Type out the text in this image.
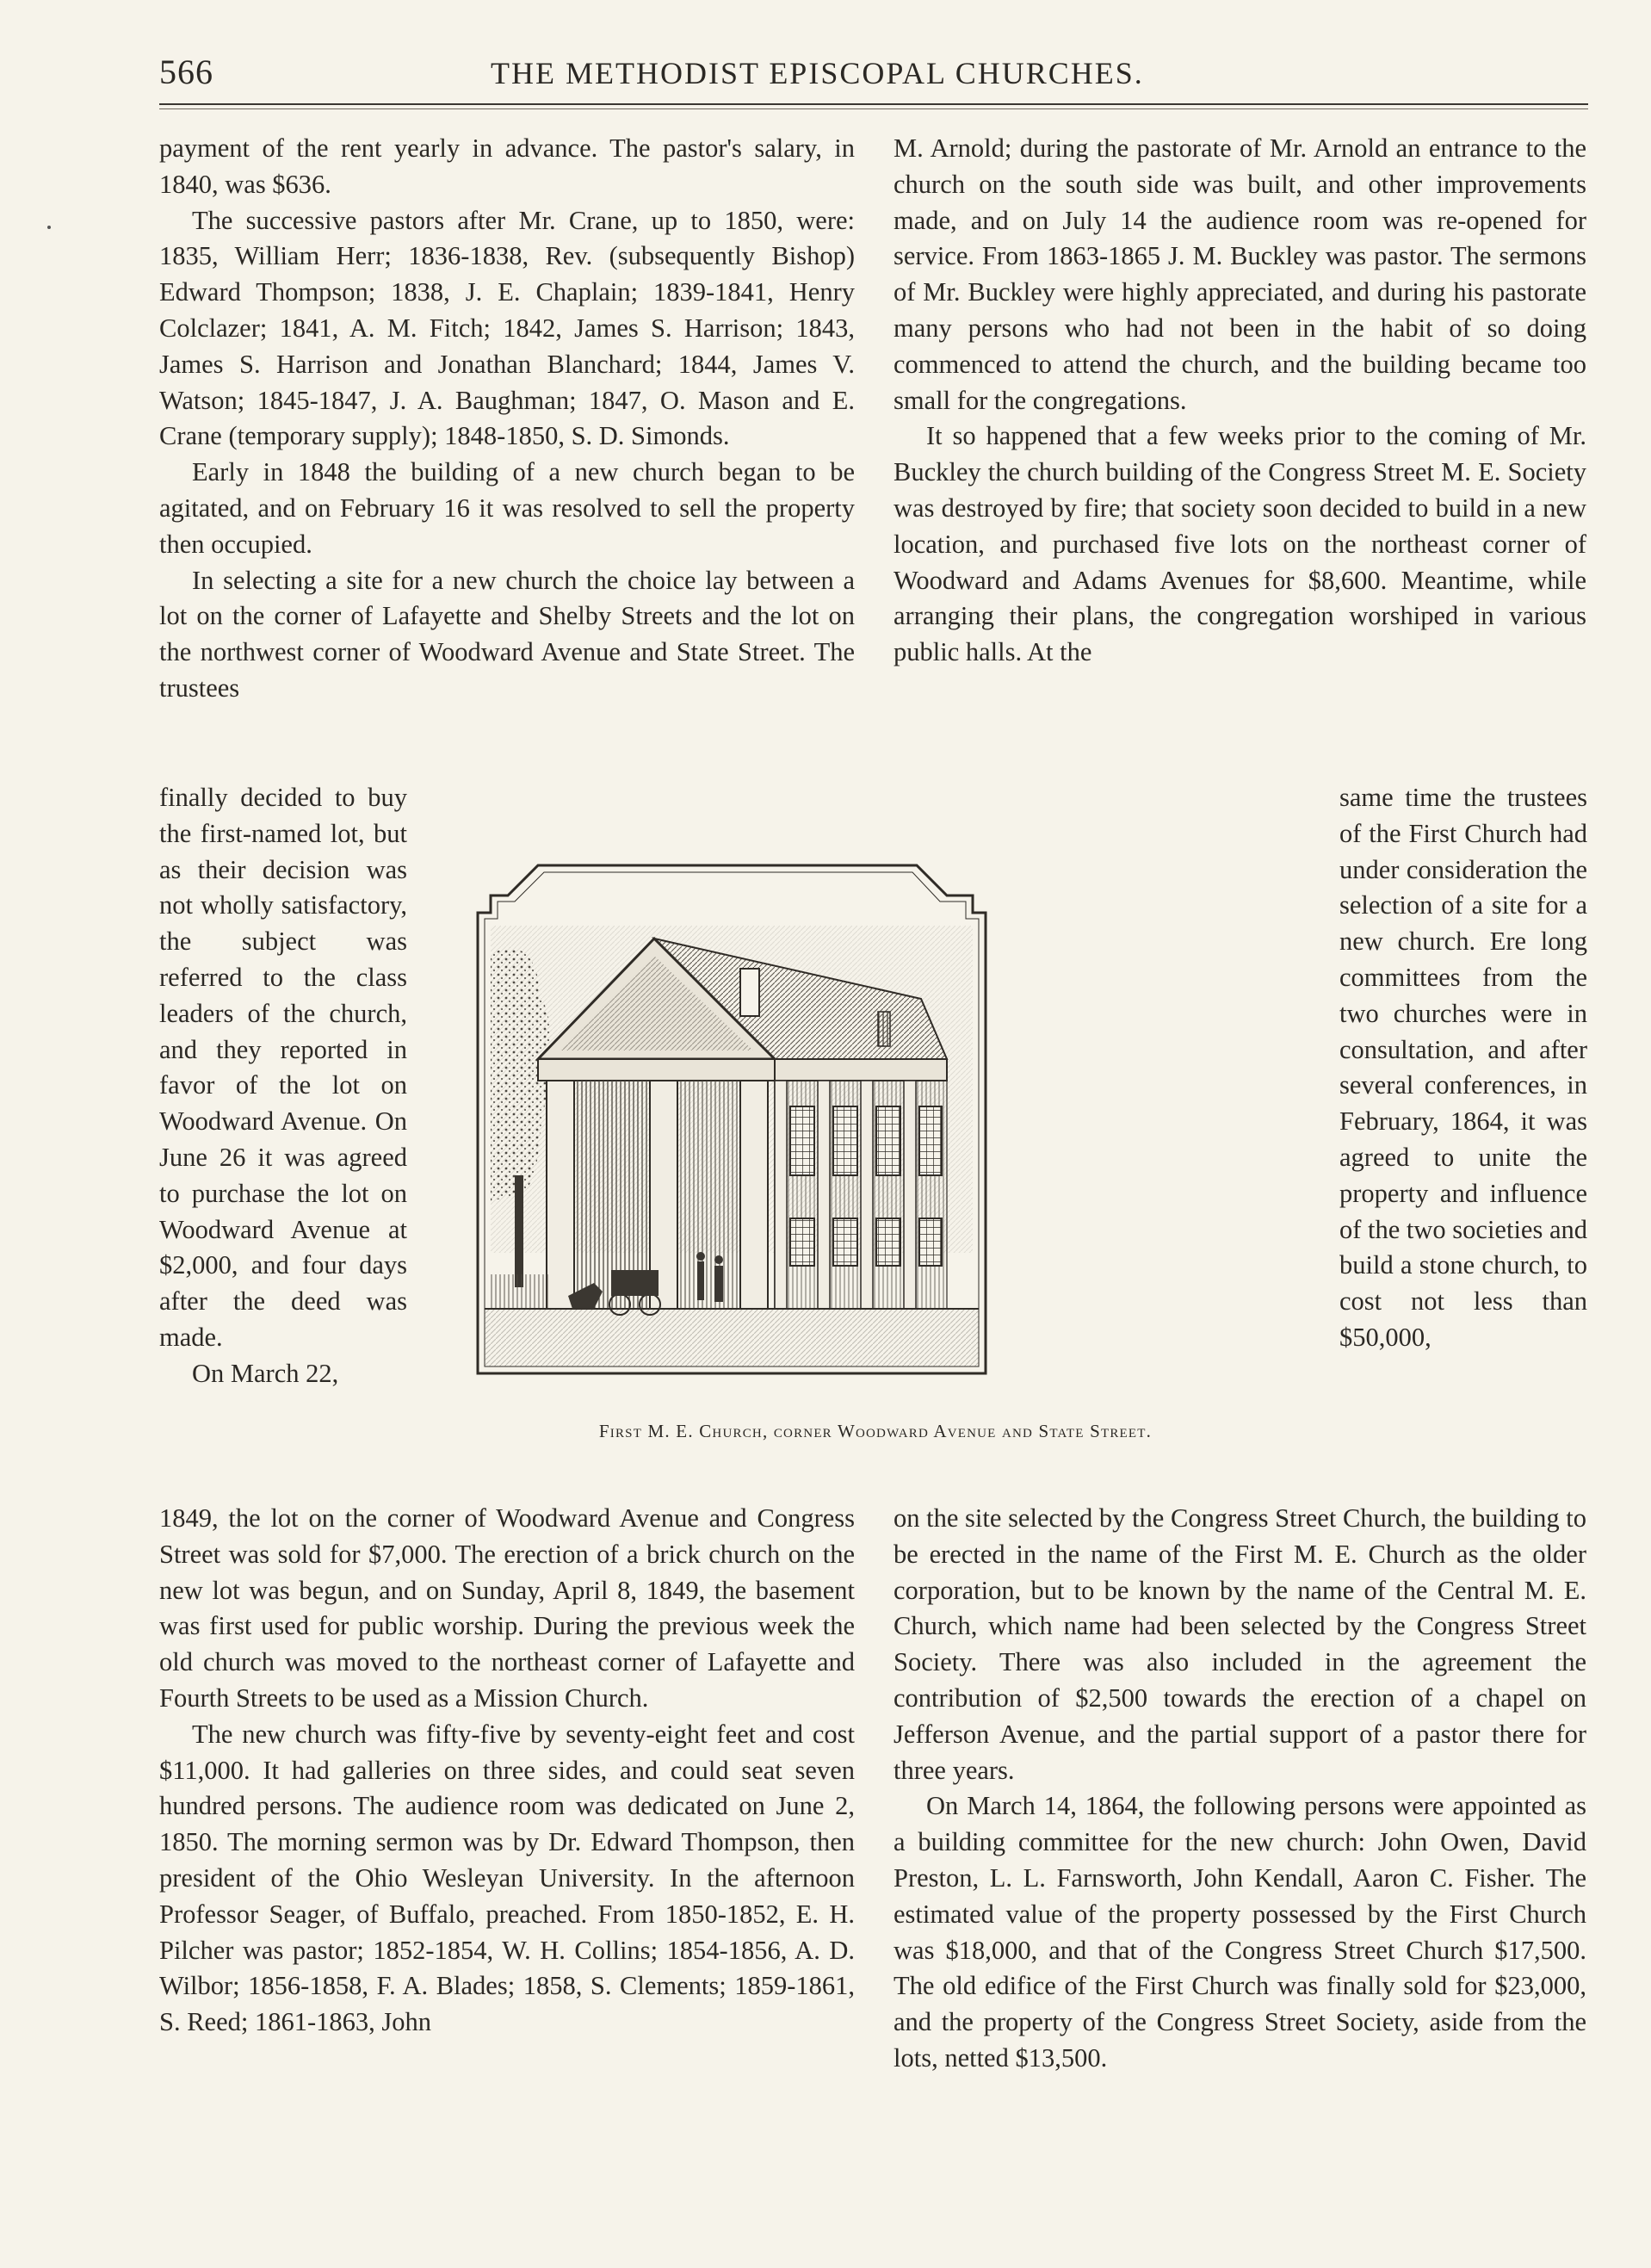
566	THE METHODIST EPISCOPAL CHURCHES.

payment of the rent yearly in advance. The pastor's salary, in 1840, was $636.

The successive pastors after Mr. Crane, up to 1850, were: 1835, William Herr; 1836-1838, Rev. (subsequently Bishop) Edward Thompson; 1838, J. E. Chaplain; 1839-1841, Henry Colclazer; 1841, A. M. Fitch; 1842, James S. Harrison; 1843, James S. Harrison and Jonathan Blanchard; 1844, James V. Watson; 1845-1847, J. A. Baughman; 1847, O. Mason and E. Crane (temporary supply); 1848-1850, S. D. Simonds.

Early in 1848 the building of a new church began to be agitated, and on February 16 it was resolved to sell the property then occupied.

In selecting a site for a new church the choice lay between a lot on the corner of Lafayette and Shelby Streets and the lot on the northwest corner of Woodward Avenue and State Street. The trustees

finally decided to buy the first-named lot, but as their decision was not wholly satisfactory, the subject was referred to the class leaders of the church, and they reported in favor of the lot on Woodward Avenue. On June 26 it was agreed to purchase the lot on Woodward Avenue at $2,000, and four days after the deed was made.

On March 22,

1849, the lot on the corner of Woodward Avenue and Congress Street was sold for $7,000. The erection of a brick church on the new lot was begun, and on Sunday, April 8, 1849, the basement was first used for public worship. During the previous week the old church was moved to the northeast corner of Lafayette and Fourth Streets to be used as a Mission Church.

The new church was fifty-five by seventy-eight feet and cost $11,000. It had galleries on three sides, and could seat seven hundred persons. The audience room was dedicated on June 2, 1850. The morning sermon was by Dr. Edward Thompson, then president of the Ohio Wesleyan University. In the afternoon Professor Seager, of Buffalo, preached. From 1850-1852, E. H. Pilcher was pastor; 1852-1854, W. H. Collins; 1854-1856, A. D. Wilbor; 1856-1858, F. A. Blades; 1858, S. Clements; 1859-1861, S. Reed; 1861-1863, John

M. Arnold; during the pastorate of Mr. Arnold an entrance to the church on the south side was built, and other improvements made, and on July 14 the audience room was re-opened for service. From 1863-1865 J. M. Buckley was pastor. The sermons of Mr. Buckley were highly appreciated, and during his pastorate many persons who had not been in the habit of so doing commenced to attend the church, and the building became too small for the congregations.

It so happened that a few weeks prior to the coming of Mr. Buckley the church building of the Congress Street M. E. Society was destroyed by fire; that society soon decided to build in a new location, and purchased five lots on the northeast corner of Woodward and Adams Avenues for $8,600. Meantime, while arranging their plans, the congregation worshiped in various public halls. At the

same time the trustees of the First Church had under consideration the selection of a site for a new church. Ere long committees from the two churches were in consultation, and after several conferences, in February, 1864, it was agreed to unite the property and influence of the two societies and build a stone church, to cost not less than $50,000,

on the site selected by the Congress Street Church, the building to be erected in the name of the First M. E. Church as the older corporation, but to be known by the name of the Central M. E. Church, which name had been selected by the Congress Street Society. There was also included in the agreement the contribution of $2,500 towards the erection of a chapel on Jefferson Avenue, and the partial support of a pastor there for three years.

On March 14, 1864, the following persons were appointed as a building committee for the new church: John Owen, David Preston, L. L. Farnsworth, John Kendall, Aaron C. Fisher. The estimated value of the property possessed by the First Church was $18,000, and that of the Congress Street Church $17,500. The old edifice of the First Church was finally sold for $23,000, and the property of the Congress Street Society, aside from the lots, netted $13,500.

First M. E. Church, corner Woodward Avenue and State Street.
